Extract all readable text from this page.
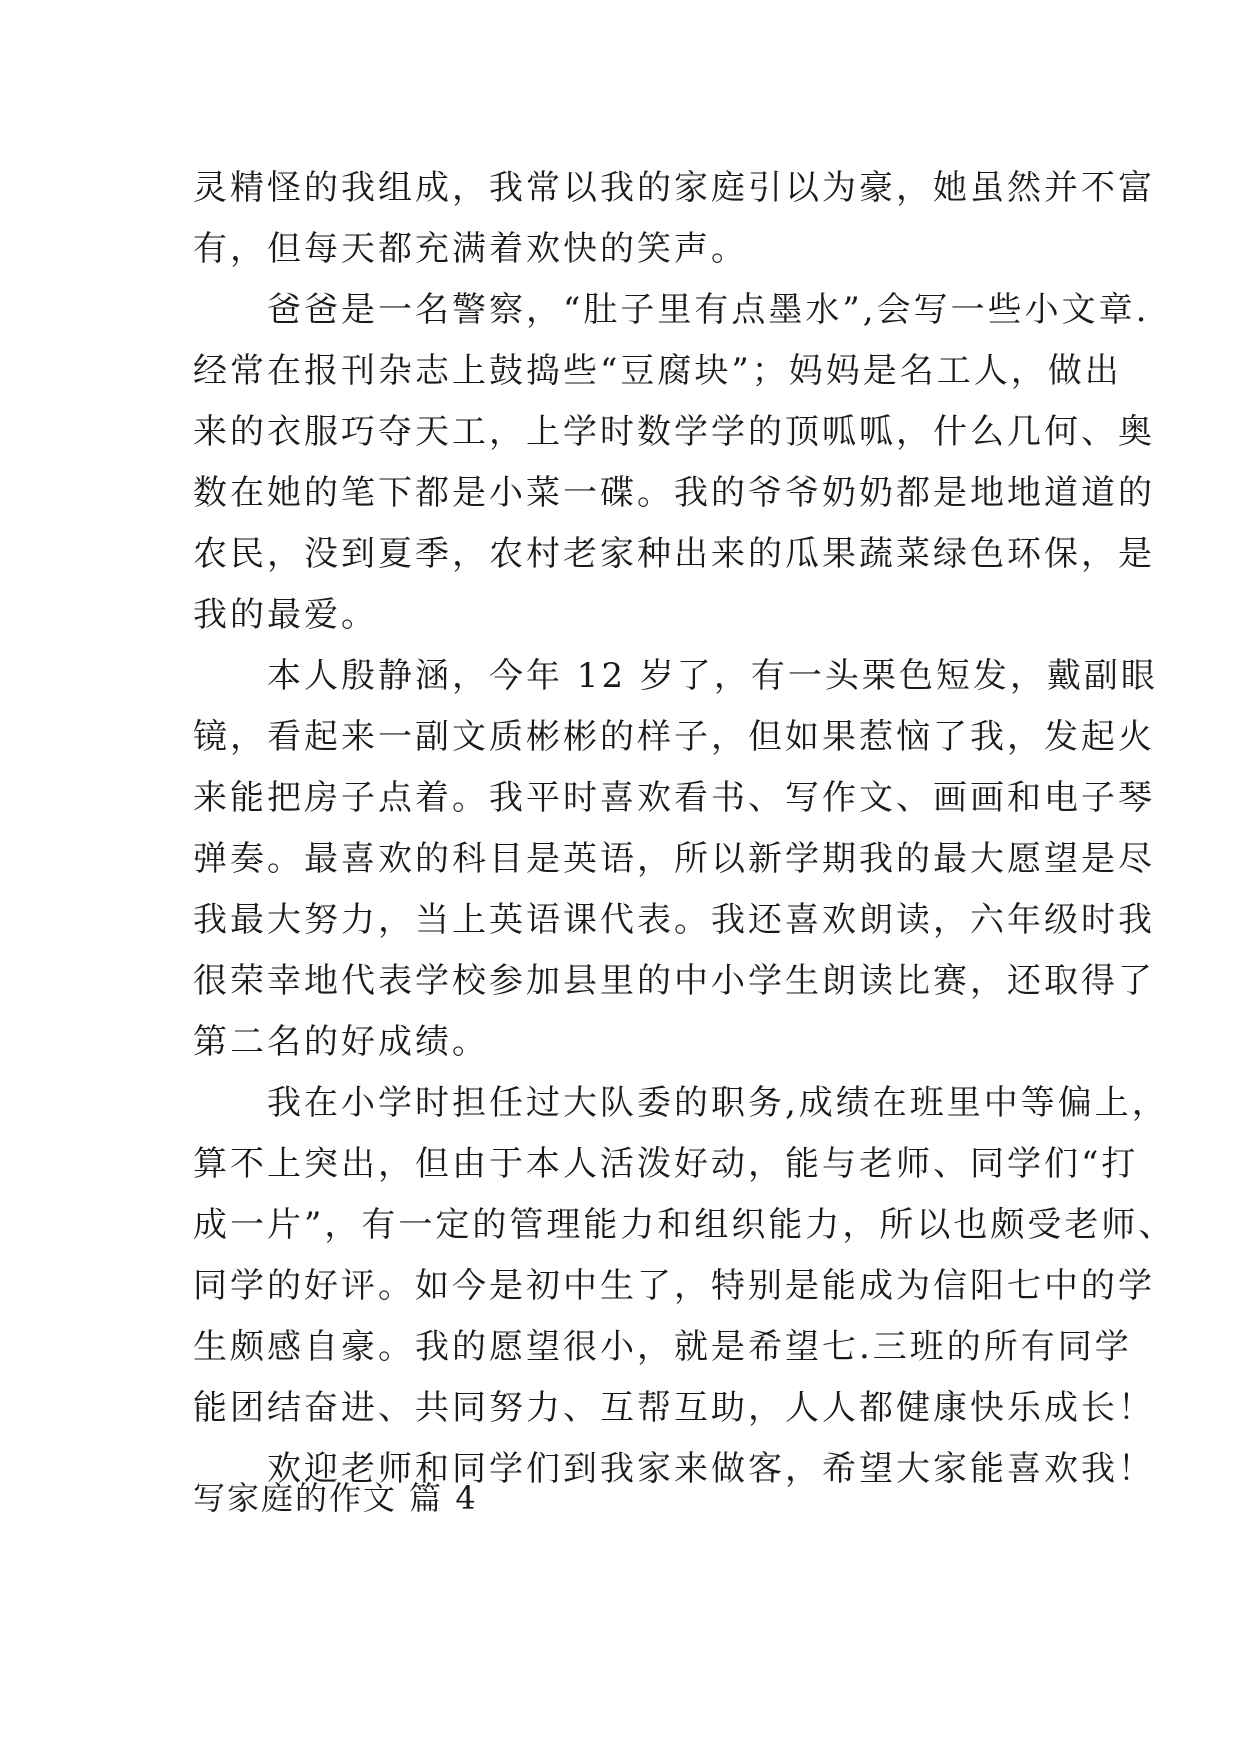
灵精怪的我组成，我常以我的家庭引以为豪，她虽然并不富
有，但每天都充满着欢快的笑声。
　　爸爸是一名警察，“肚子里有点墨水”,会写一些小文章.
经常在报刊杂志上鼓捣些“豆腐块”；妈妈是名工人，做出
来的衣服巧夺天工，上学时数学学的顶呱呱，什么几何、奥
数在她的笔下都是小菜一碟。我的爷爷奶奶都是地地道道的
农民，没到夏季，农村老家种出来的瓜果蔬菜绿色环保，是
我的最爱。
　　本人殷静涵，今年 12 岁了，有一头栗色短发，戴副眼
镜，看起来一副文质彬彬的样子，但如果惹恼了我，发起火
来能把房子点着。我平时喜欢看书、写作文、画画和电子琴
弹奏。最喜欢的科目是英语，所以新学期我的最大愿望是尽
我最大努力，当上英语课代表。我还喜欢朗读，六年级时我
很荣幸地代表学校参加县里的中小学生朗读比赛，还取得了
第二名的好成绩。
　　我在小学时担任过大队委的职务,成绩在班里中等偏上，
算不上突出，但由于本人活泼好动，能与老师、同学们“打
成一片”，有一定的管理能力和组织能力，所以也颇受老师、
同学的好评。如今是初中生了，特别是能成为信阳七中的学
生颇感自豪。我的愿望很小，就是希望七.三班的所有同学
能团结奋进、共同努力、互帮互助，人人都健康快乐成长！
　　欢迎老师和同学们到我家来做客，希望大家能喜欢我！
写家庭的作文 篇 4
